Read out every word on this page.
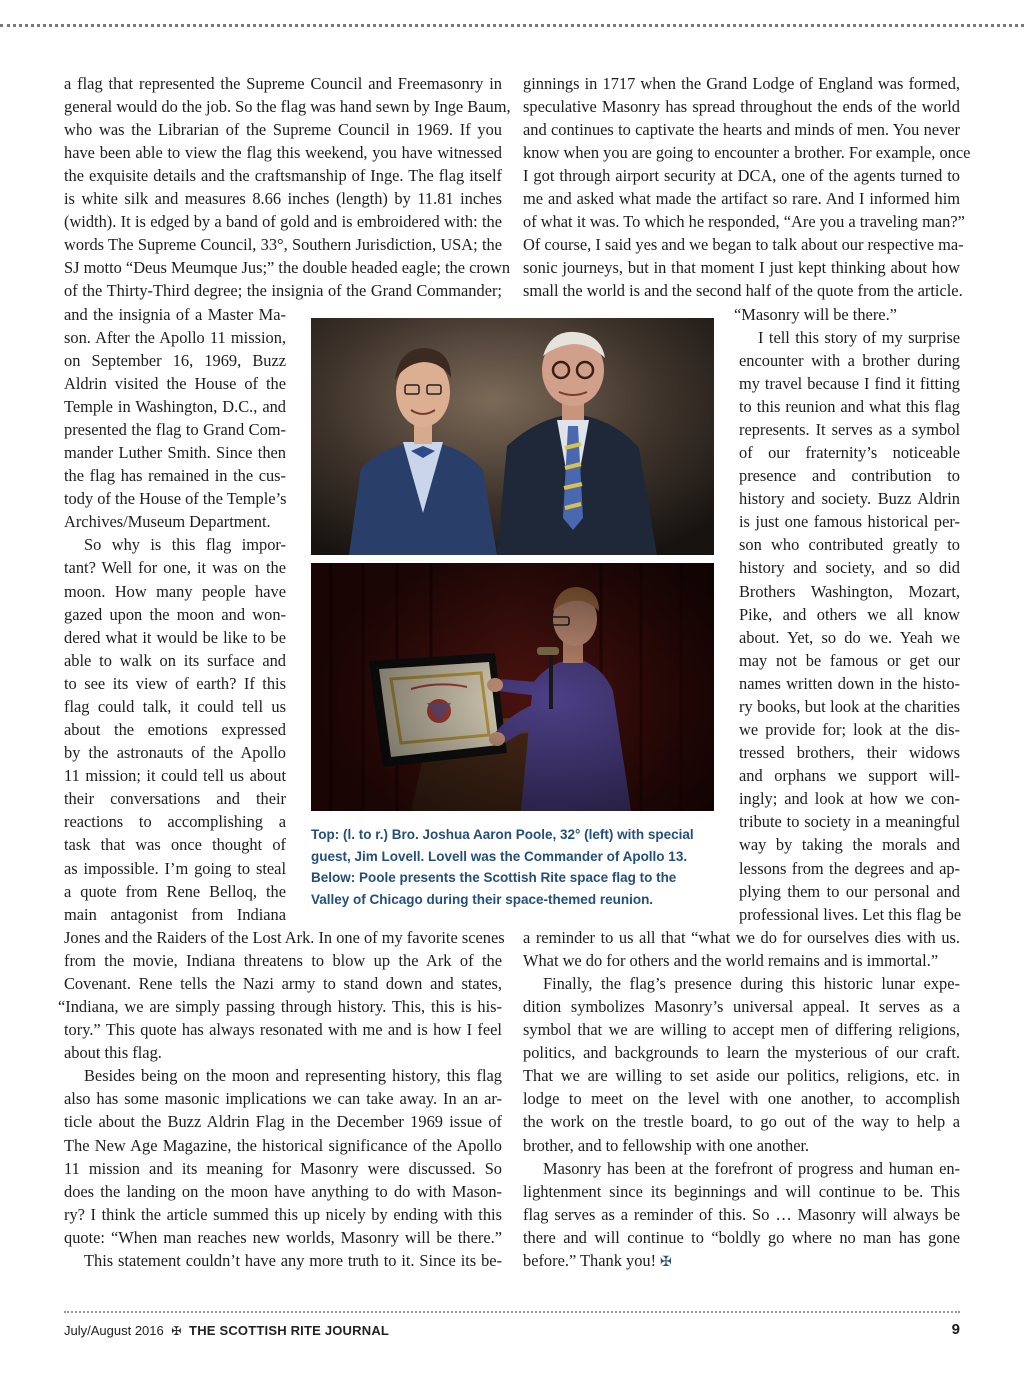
a flag that represented the Supreme Council and Freemasonry in
general would do the job. So the flag was hand sewn by Inge Baum,
who was the Librarian of the Supreme Council in 1969. If you
have been able to view the flag this weekend, you have witnessed
the exquisite details and the craftsmanship of Inge. The flag itself
is white silk and measures 8.66 inches (length) by 11.81 inches
(width). It is edged by a band of gold and is embroidered with: the
words The Supreme Council, 33°, Southern Jurisdiction, USA; the
SJ motto “Deus Meumque Jus;” the double headed eagle; the crown
of the Thirty-Third degree; the insignia of the Grand Commander;
and the insignia of a Master Ma-
son. After the Apollo 11 mission,
on September 16, 1969, Buzz
Aldrin visited the House of the
Temple in Washington, D.C., and
presented the flag to Grand Com-
mander Luther Smith. Since then
the flag has remained in the cus-
tody of the House of the Temple’s
Archives/Museum Department.
So why is this flag impor-
tant? Well for one, it was on the
moon. How many people have
gazed upon the moon and won-
dered what it would be like to be
able to walk on its surface and
to see its view of earth? If this
flag could talk, it could tell us
about the emotions expressed
by the astronauts of the Apollo
11 mission; it could tell us about
their conversations and their
reactions to accomplishing a
task that was once thought of
as impossible. I’m going to steal
a quote from Rene Belloq, the
main antagonist from Indiana
Jones and the Raiders of the Lost Ark. In one of my favorite scenes
from the movie, Indiana threatens to blow up the Ark of the
Covenant. Rene tells the Nazi army to stand down and states,
“Indiana, we are simply passing through history. This, this is his-
tory.” This quote has always resonated with me and is how I feel
about this flag.
Besides being on the moon and representing history, this flag
also has some masonic implications we can take away. In an ar-
ticle about the Buzz Aldrin Flag in the December 1969 issue of
The New Age Magazine, the historical significance of the Apollo
11 mission and its meaning for Masonry were discussed. So
does the landing on the moon have anything to do with Mason-
ry? I think the article summed this up nicely by ending with this
quote: “When man reaches new worlds, Masonry will be there.”
This statement couldn’t have any more truth to it. Since its be-
ginnings in 1717 when the Grand Lodge of England was formed,
speculative Masonry has spread throughout the ends of the world
and continues to captivate the hearts and minds of men. You never
know when you are going to encounter a brother. For example, once
I got through airport security at DCA, one of the agents turned to
me and asked what made the artifact so rare. And I informed him
of what it was. To which he responded, “Are you a traveling man?”
Of course, I said yes and we began to talk about our respective ma-
sonic journeys, but in that moment I just kept thinking about how
small the world is and the second half of the quote from the article.
“Masonry will be there.”
I tell this story of my surprise
encounter with a brother during
my travel because I find it fitting
to this reunion and what this flag
represents. It serves as a symbol
of our fraternity’s noticeable
presence and contribution to
history and society. Buzz Aldrin
is just one famous historical per-
son who contributed greatly to
history and society, and so did
Brothers Washington, Mozart,
Pike, and others we all know
about. Yet, so do we. Yeah we
may not be famous or get our
names written down in the histo-
ry books, but look at the charities
we provide for; look at the dis-
tressed brothers, their widows
and orphans we support will-
ingly; and look at how we con-
tribute to society in a meaningful
way by taking the morals and
lessons from the degrees and ap-
plying them to our personal and
professional lives. Let this flag be
a reminder to us all that “what we do for ourselves dies with us.
What we do for others and the world remains and is immortal.”
Finally, the flag’s presence during this historic lunar expe-
dition symbolizes Masonry’s universal appeal. It serves as a
symbol that we are willing to accept men of differing religions,
politics, and backgrounds to learn the mysterious of our craft.
That we are willing to set aside our politics, religions, etc. in
lodge to meet on the level with one another, to accomplish
the work on the trestle board, to go out of the way to help a
brother, and to fellowship with one another.
Masonry has been at the forefront of progress and human en-
lightenment since its beginnings and will continue to be. This
flag serves as a reminder of this. So … Masonry will always be
there and will continue to “boldly go where no man has gone
before.” Thank you! ✠
Top: (l. to r.) Bro. Joshua Aaron Poole, 32° (left) with special
guest, Jim Lovell. Lovell was the Commander of Apollo 13.
Below: Poole presents the Scottish Rite space flag to the
Valley of Chicago during their space-themed reunion.
July/August 2016 ✠ THE SCOTTISH RITE JOURNAL	9
